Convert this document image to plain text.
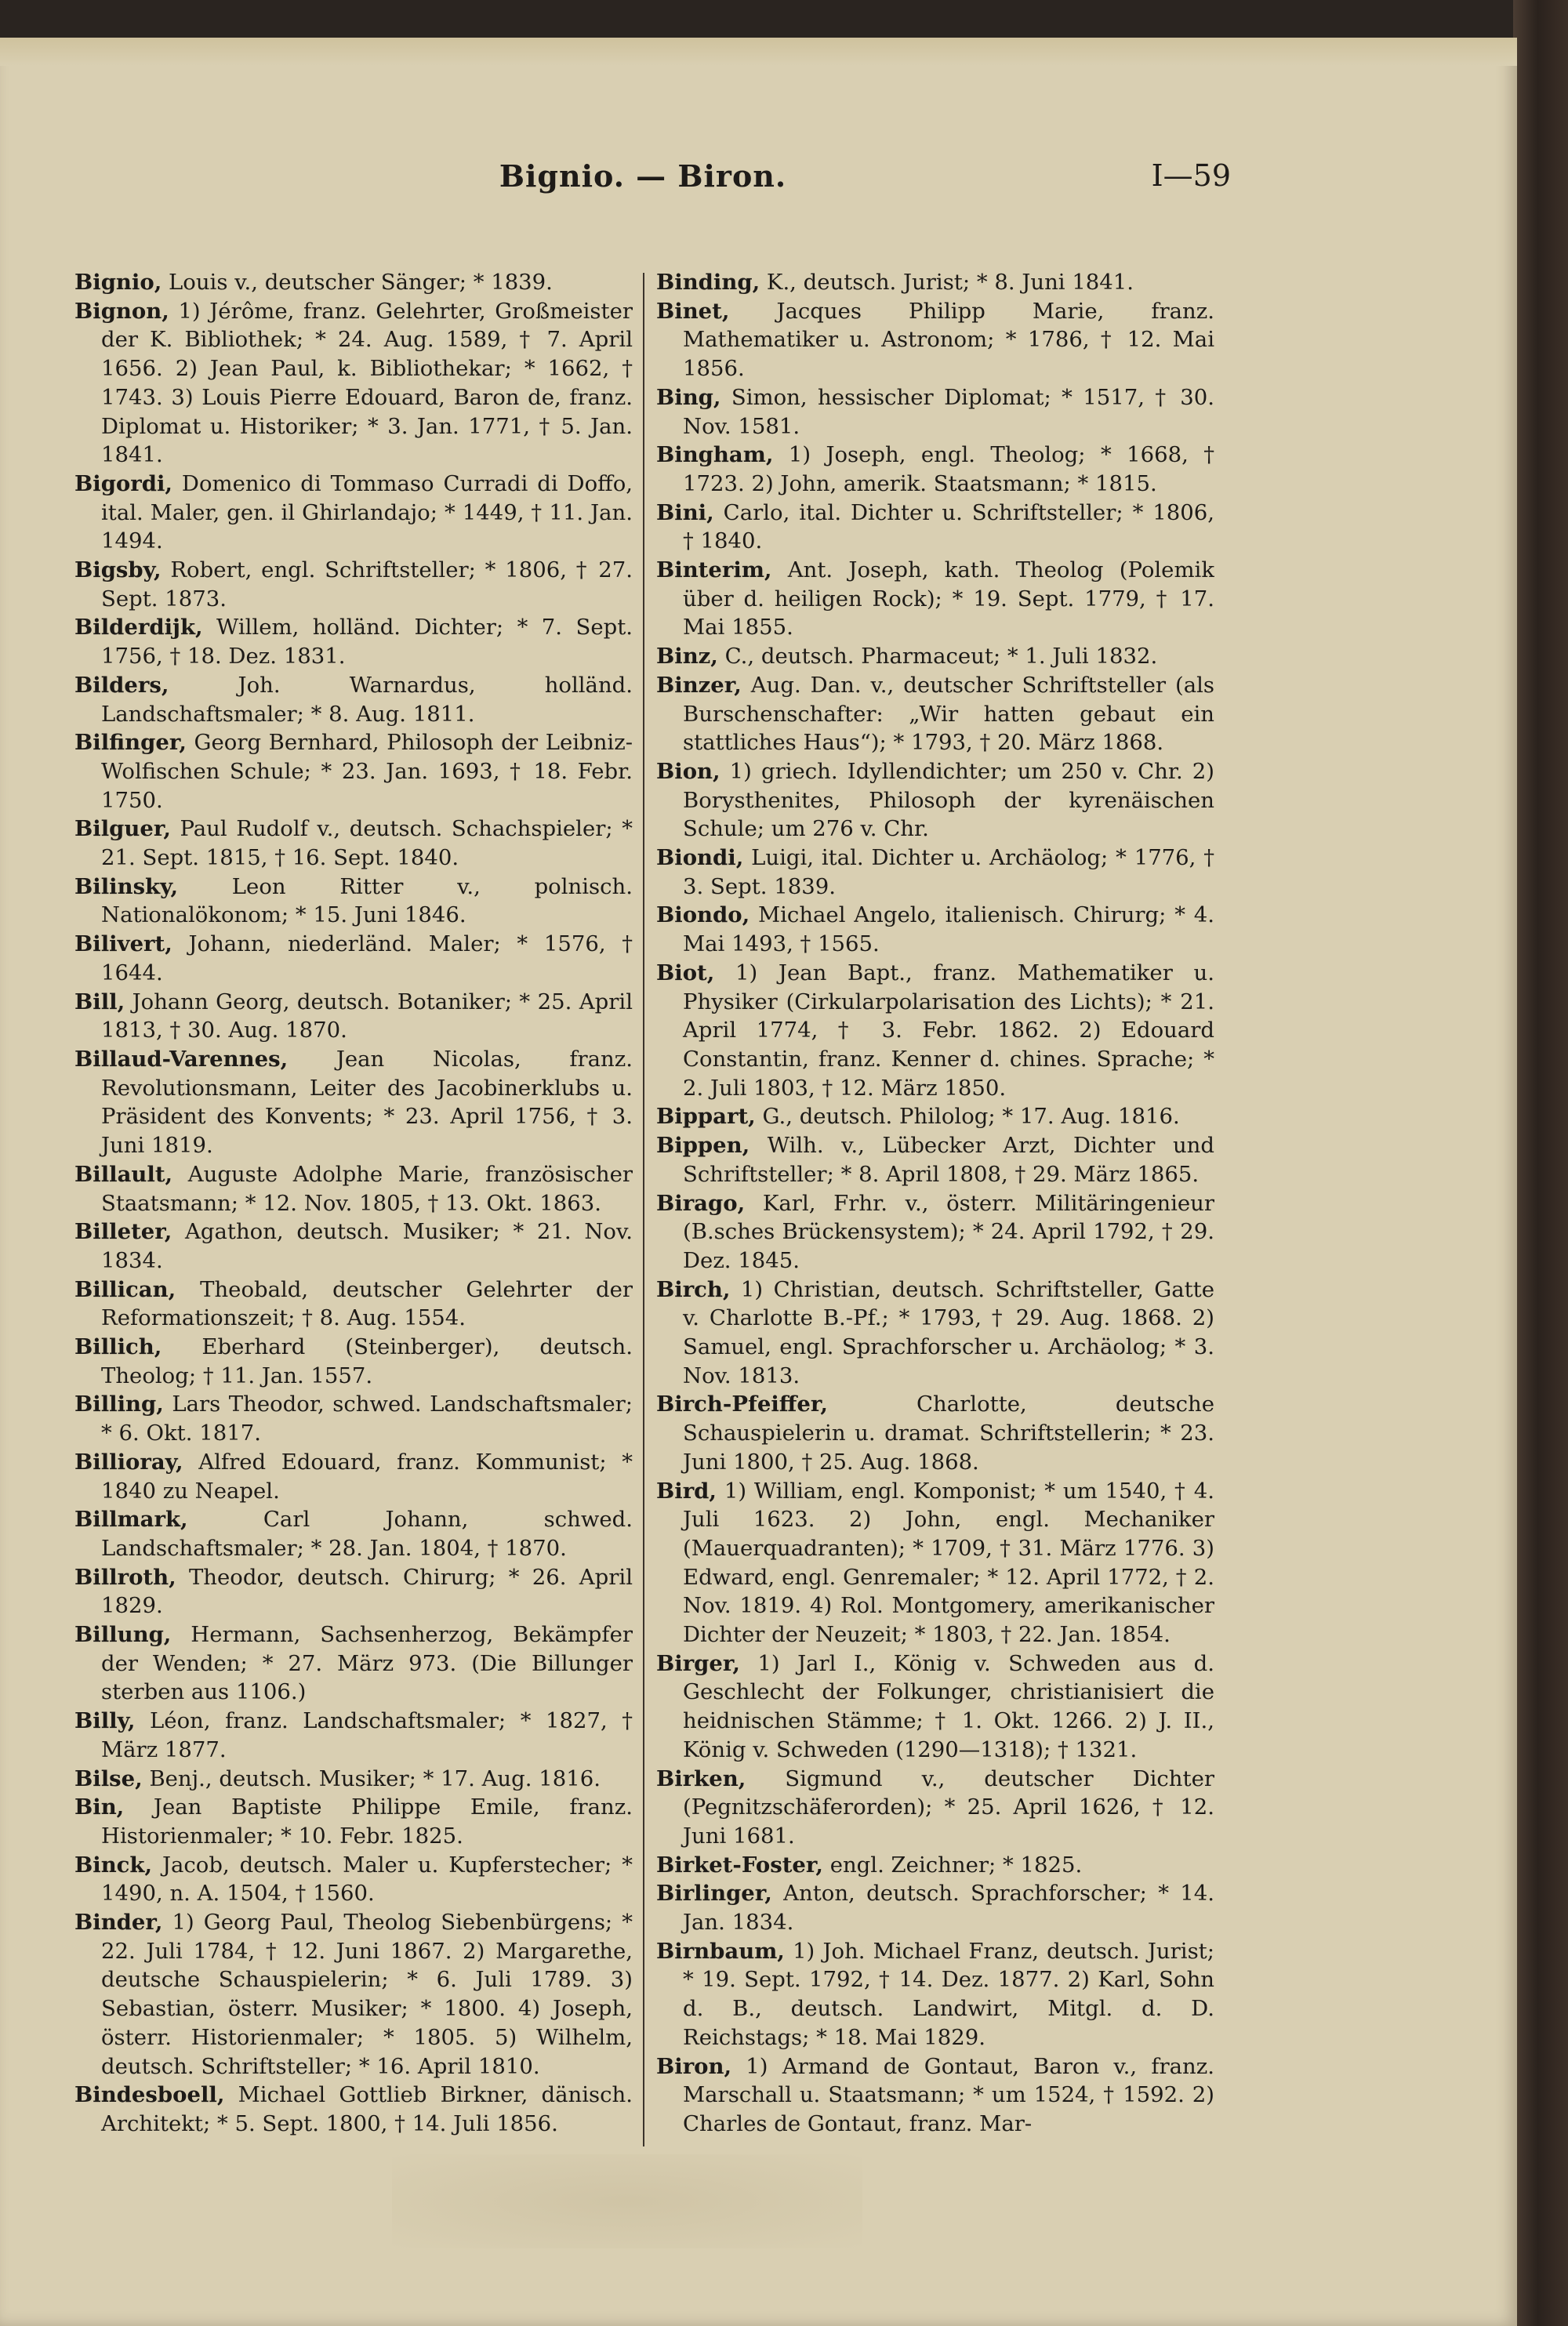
Bignio. — Biron.	I—59

Bignio, Louis v., deutscher Sänger; * 1839.

Bignon, 1) Jérôme, franz. Gelehrter, Großmeister der K. Bibliothek; * 24. Aug. 1589, † 7. April 1656. 2) Jean Paul, k. Bibliothekar; * 1662, † 1743. 3) Louis Pierre Edouard, Baron de, franz. Diplomat u. Historiker; * 3. Jan. 1771, † 5. Jan. 1841.

Bigordi, Domenico di Tommaso Curradi di Doffo, ital. Maler, gen. il Ghirlandajo; * 1449, † 11. Jan. 1494.

Bigsby, Robert, engl. Schriftsteller; * 1806, † 27. Sept. 1873.

Bilderdijk, Willem, holländ. Dichter; * 7. Sept. 1756, † 18. Dez. 1831.

Bilders, Joh. Warnardus, holländ. Landschaftsmaler; * 8. Aug. 1811.

Bilfinger, Georg Bernhard, Philosoph der Leibniz-Wolfischen Schule; * 23. Jan. 1693, † 18. Febr. 1750.

Bilguer, Paul Rudolf v., deutsch. Schachspieler; * 21. Sept. 1815, † 16. Sept. 1840.

Bilinsky, Leon Ritter v., polnisch. Nationalökonom; * 15. Juni 1846.

Bilivert, Johann, niederländ. Maler; * 1576, † 1644.

Bill, Johann Georg, deutsch. Botaniker; * 25. April 1813, † 30. Aug. 1870.

Billaud-Varennes, Jean Nicolas, franz. Revolutionsmann, Leiter des Jacobinerklubs u. Präsident des Konvents; * 23. April 1756, † 3. Juni 1819.

Billault, Auguste Adolphe Marie, französischer Staatsmann; * 12. Nov. 1805, † 13. Okt. 1863.

Billeter, Agathon, deutsch. Musiker; * 21. Nov. 1834.

Billican, Theobald, deutscher Gelehrter der Reformationszeit; † 8. Aug. 1554.

Billich, Eberhard (Steinberger), deutsch. Theolog; † 11. Jan. 1557.

Billing, Lars Theodor, schwed. Landschaftsmaler; * 6. Okt. 1817.

Billioray, Alfred Edouard, franz. Kommunist; * 1840 zu Neapel.

Billmark, Carl Johann, schwed. Landschaftsmaler; * 28. Jan. 1804, † 1870.

Billroth, Theodor, deutsch. Chirurg; * 26. April 1829.

Billung, Hermann, Sachsenherzog, Bekämpfer der Wenden; * 27. März 973. (Die Billunger sterben aus 1106.)

Billy, Léon, franz. Landschaftsmaler; * 1827, † März 1877.

Bilse, Benj., deutsch. Musiker; * 17. Aug. 1816.

Bin, Jean Baptiste Philippe Emile, franz. Historienmaler; * 10. Febr. 1825.

Binck, Jacob, deutsch. Maler u. Kupferstecher; * 1490, n. A. 1504, † 1560.

Binder, 1) Georg Paul, Theolog Siebenbürgens; * 22. Juli 1784, † 12. Juni 1867. 2) Margarethe, deutsche Schauspielerin; * 6. Juli 1789. 3) Sebastian, österr. Musiker; * 1800. 4) Joseph, österr. Historienmaler; * 1805. 5) Wilhelm, deutsch. Schriftsteller; * 16. April 1810.

Bindesboell, Michael Gottlieb Birkner, dänisch. Architekt; * 5. Sept. 1800, † 14. Juli 1856.

Binding, K., deutsch. Jurist; * 8. Juni 1841.

Binet, Jacques Philipp Marie, franz. Mathematiker u. Astronom; * 1786, † 12. Mai 1856.

Bing, Simon, hessischer Diplomat; * 1517, † 30. Nov. 1581.

Bingham, 1) Joseph, engl. Theolog; * 1668, † 1723. 2) John, amerik. Staatsmann; * 1815.

Bini, Carlo, ital. Dichter u. Schriftsteller; * 1806, † 1840.

Binterim, Ant. Joseph, kath. Theolog (Polemik über d. heiligen Rock); * 19. Sept. 1779, † 17. Mai 1855.

Binz, C., deutsch. Pharmaceut; * 1. Juli 1832.

Binzer, Aug. Dan. v., deutscher Schriftsteller (als Burschenschafter: „Wir hatten gebaut ein stattliches Haus“); * 1793, † 20. März 1868.

Bion, 1) griech. Idyllendichter; um 250 v. Chr. 2) Borysthenites, Philosoph der kyrenäischen Schule; um 276 v. Chr.

Biondi, Luigi, ital. Dichter u. Archäolog; * 1776, † 3. Sept. 1839.

Biondo, Michael Angelo, italienisch. Chirurg; * 4. Mai 1493, † 1565.

Biot, 1) Jean Bapt., franz. Mathematiker u. Physiker (Cirkularpolarisation des Lichts); * 21. April 1774, † 3. Febr. 1862. 2) Edouard Constantin, franz. Kenner d. chines. Sprache; * 2. Juli 1803, † 12. März 1850.

Bippart, G., deutsch. Philolog; * 17. Aug. 1816.

Bippen, Wilh. v., Lübecker Arzt, Dichter und Schriftsteller; * 8. April 1808, † 29. März 1865.

Birago, Karl, Frhr. v., österr. Militäringenieur (B.sches Brückensystem); * 24. April 1792, † 29. Dez. 1845.

Birch, 1) Christian, deutsch. Schriftsteller, Gatte v. Charlotte B.-Pf.; * 1793, † 29. Aug. 1868. 2) Samuel, engl. Sprachforscher u. Archäolog; * 3. Nov. 1813.

Birch-Pfeiffer, Charlotte, deutsche Schauspielerin u. dramat. Schriftstellerin; * 23. Juni 1800, † 25. Aug. 1868.

Bird, 1) William, engl. Komponist; * um 1540, † 4. Juli 1623. 2) John, engl. Mechaniker (Mauerquadranten); * 1709, † 31. März 1776. 3) Edward, engl. Genremaler; * 12. April 1772, † 2. Nov. 1819. 4) Rol. Montgomery, amerikanischer Dichter der Neuzeit; * 1803, † 22. Jan. 1854.

Birger, 1) Jarl I., König v. Schweden aus d. Geschlecht der Folkunger, christianisiert die heidnischen Stämme; † 1. Okt. 1266. 2) J. II., König v. Schweden (1290—1318); † 1321.

Birken, Sigmund v., deutscher Dichter (Pegnitzschäferorden); * 25. April 1626, † 12. Juni 1681.

Birket-Foster, engl. Zeichner; * 1825.

Birlinger, Anton, deutsch. Sprachforscher; * 14. Jan. 1834.

Birnbaum, 1) Joh. Michael Franz, deutsch. Jurist; * 19. Sept. 1792, † 14. Dez. 1877. 2) Karl, Sohn d. B., deutsch. Landwirt, Mitgl. d. D. Reichstags; * 18. Mai 1829.

Biron, 1) Armand de Gontaut, Baron v., franz. Marschall u. Staatsmann; * um 1524, † 1592. 2) Charles de Gontaut, franz. Mar-
